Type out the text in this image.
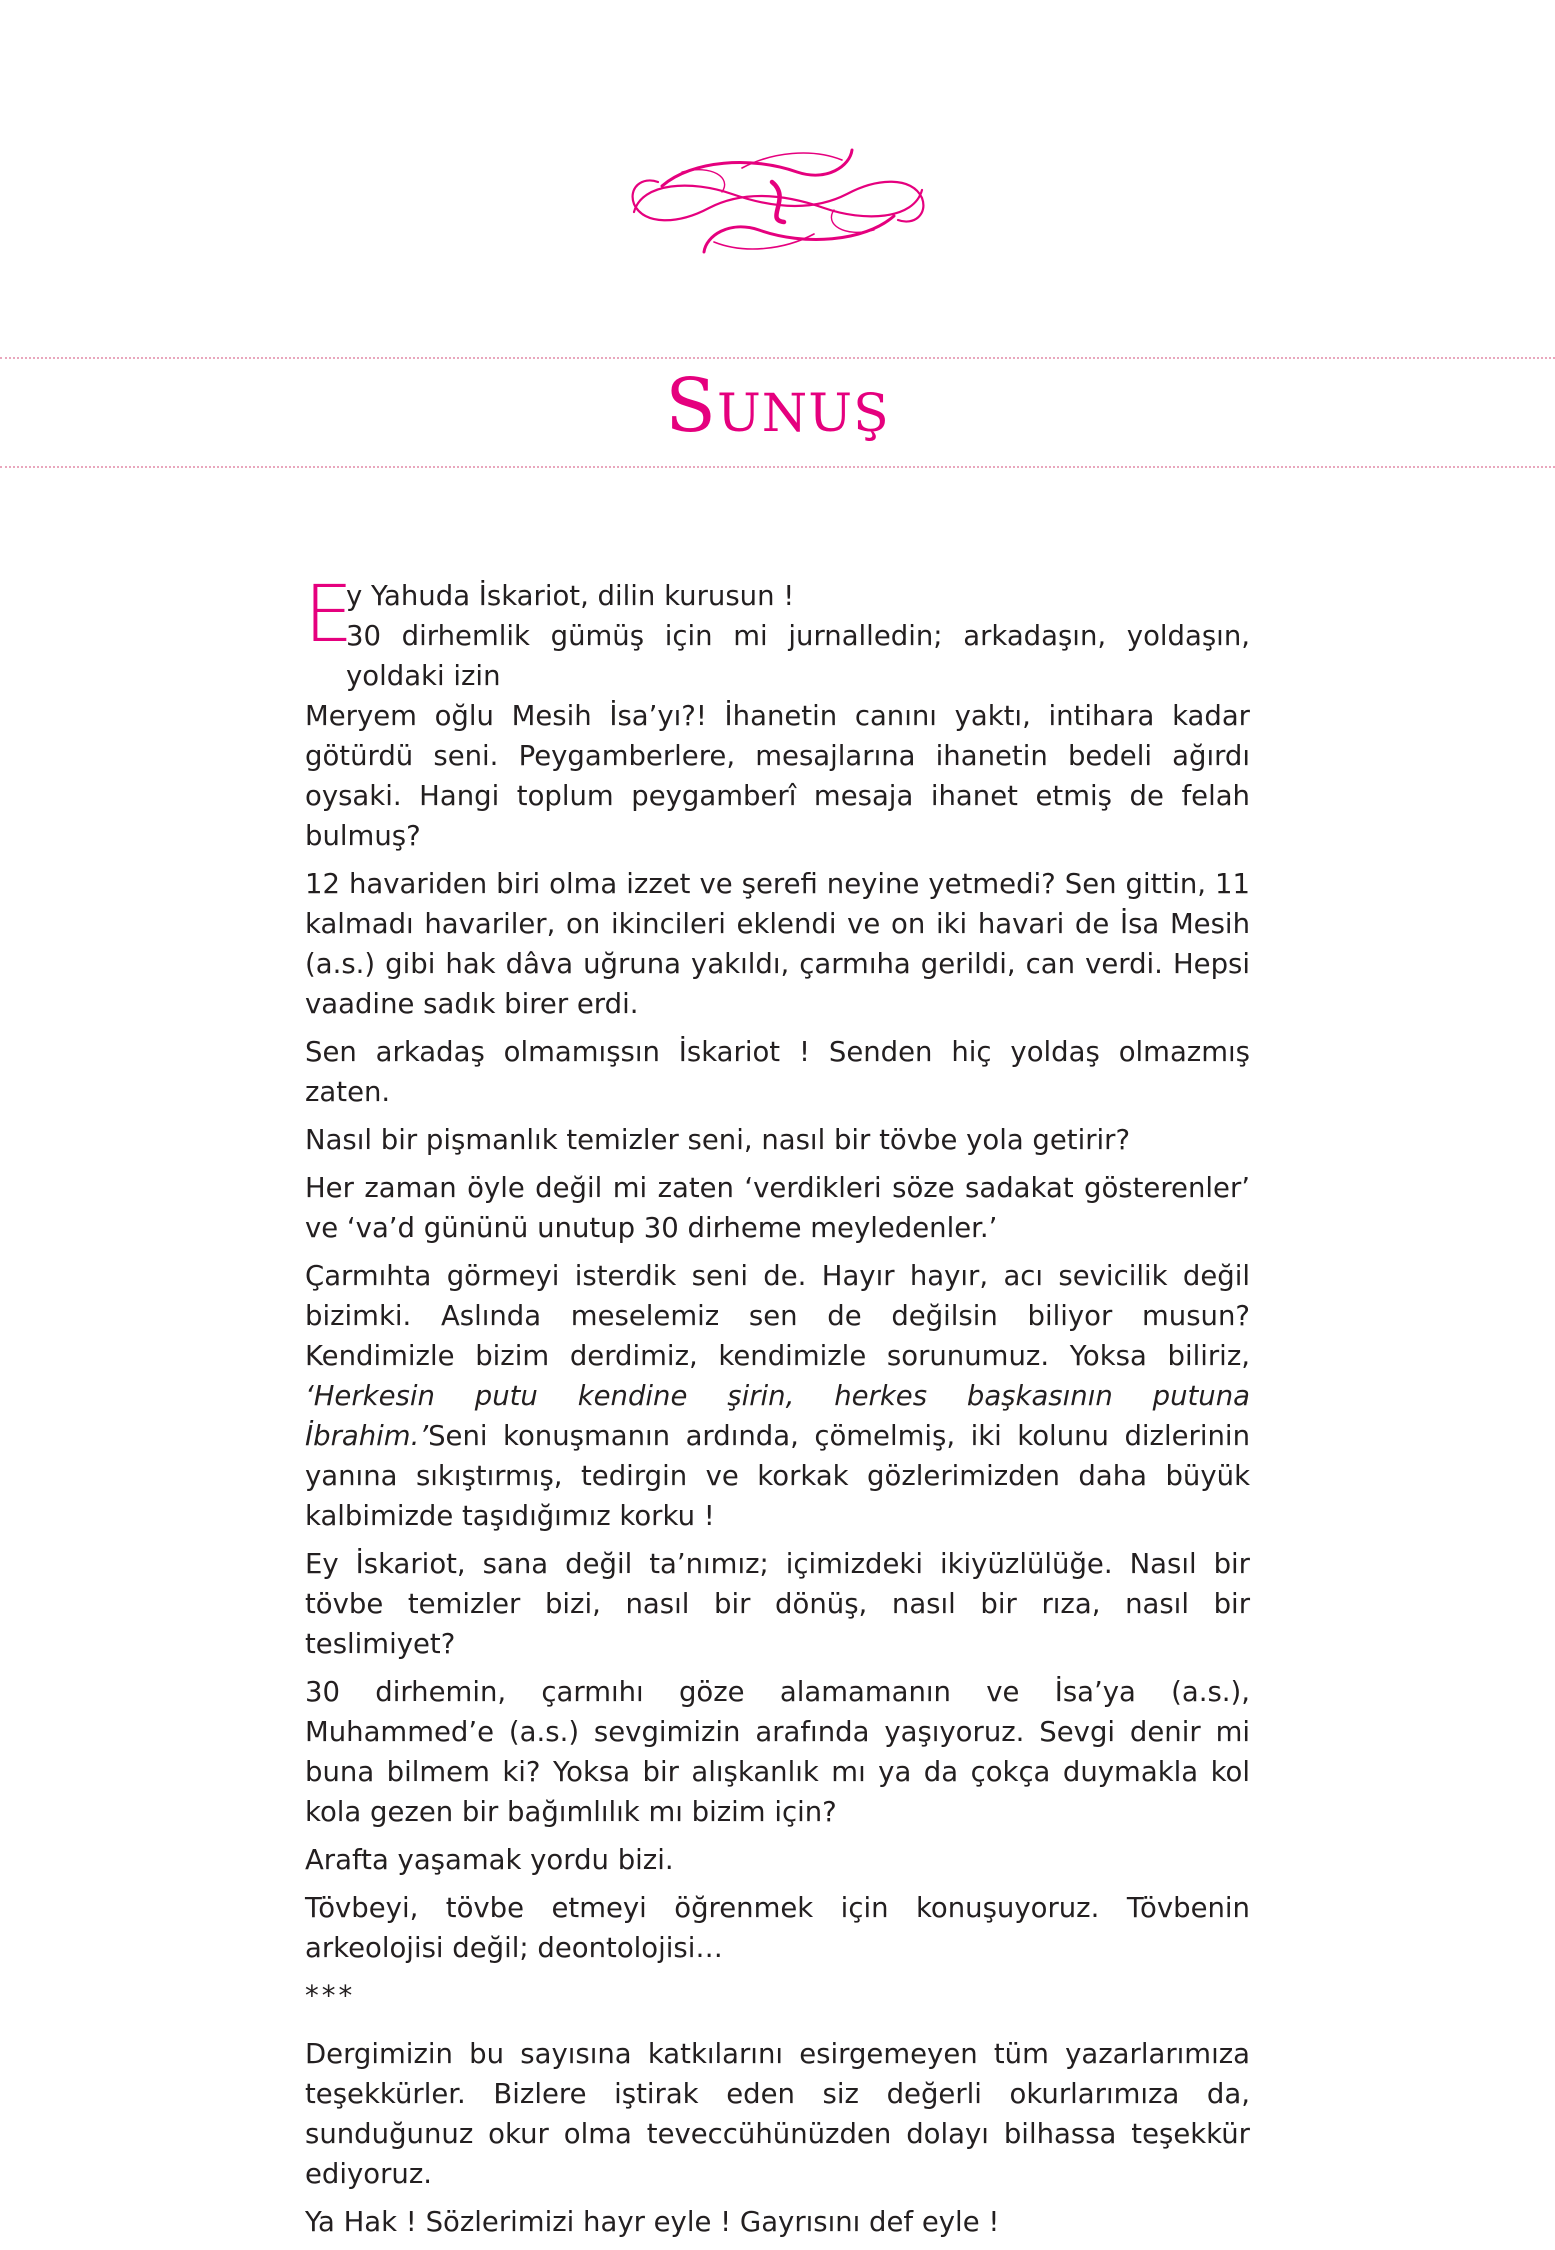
Sunuş

E
y Yahuda İskariot, dilin kurusun !
30 dirhemlik gümüş için mi jurnalledin; arkadaşın, yoldaşın, yoldaki izin
Meryem oğlu Mesih İsa’yı?! İhanetin canını yaktı, intihara kadar götürdü seni. Peygamberlere, mesajlarına ihanetin bedeli ağırdı oysaki. Hangi toplum peygamberî mesaja ihanet etmiş de felah bulmuş?

12 havariden biri olma izzet ve şerefi neyine yetmedi? Sen gittin, 11 kalmadı havariler, on ikincileri eklendi ve on iki havari de İsa Mesih (a.s.) gibi hak dâva uğruna yakıldı, çarmıha gerildi, can verdi. Hepsi vaadine sadık birer erdi.

Sen arkadaş olmamışsın İskariot ! Senden hiç yoldaş olmazmış zaten.

Nasıl bir pişmanlık temizler seni, nasıl bir tövbe yola getirir?

Her zaman öyle değil mi zaten ‘verdikleri söze sadakat gösterenler’ ve ‘va’d gününü unutup 30 dirheme meyledenler.’

Çarmıhta görmeyi isterdik seni de. Hayır hayır, acı sevicilik değil bizimki. Aslında meselemiz sen de değilsin biliyor musun? Kendimizle bizim derdimiz, kendimizle sorunumuz. Yoksa biliriz, ‘Herkesin putu kendine şirin, herkes başkasının putuna İbrahim.’Seni konuşmanın ardında, çömelmiş, iki kolunu dizlerinin yanına sıkıştırmış, tedirgin ve korkak gözlerimizden daha büyük kalbimizde taşıdığımız korku !

Ey İskariot, sana değil ta’nımız; içimizdeki ikiyüzlülüğe. Nasıl bir tövbe temizler bizi, nasıl bir dönüş, nasıl bir rıza, nasıl bir teslimiyet?

30 dirhemin, çarmıhı göze alamamanın ve İsa’ya (a.s.), Muhammed’e (a.s.) sevgimizin arafında yaşıyoruz. Sevgi denir mi buna bilmem ki? Yoksa bir alışkanlık mı ya da çokça duymakla kol kola gezen bir bağımlılık mı bizim için?

Arafta yaşamak yordu bizi.

Tövbeyi, tövbe etmeyi öğrenmek için konuşuyoruz. Tövbenin arkeolojisi değil; deontolojisi…

***

Dergimizin bu sayısına katkılarını esirgemeyen tüm yazarlarımıza teşekkürler. Bizlere iştirak eden siz değerli okurlarımıza da, sunduğunuz okur olma teveccühünüzden dolayı bilhassa teşekkür ediyoruz.

Ya Hak ! Sözlerimizi hayr eyle ! Gayrısını def eyle !
